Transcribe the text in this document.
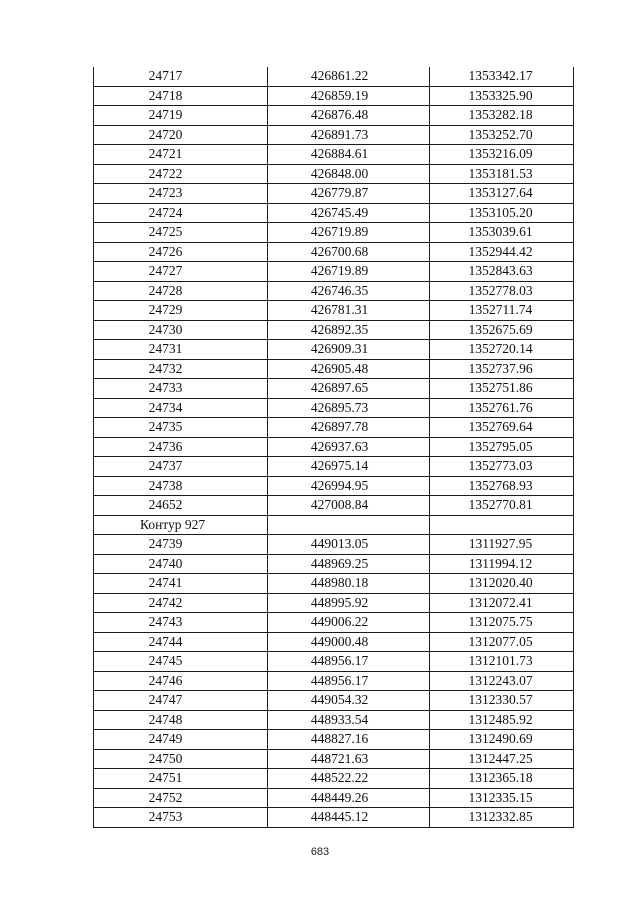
24717	426861.22	1353342.17
24718	426859.19	1353325.90
24719	426876.48	1353282.18
24720	426891.73	1353252.70
24721	426884.61	1353216.09
24722	426848.00	1353181.53
24723	426779.87	1353127.64
24724	426745.49	1353105.20
24725	426719.89	1353039.61
24726	426700.68	1352944.42
24727	426719.89	1352843.63
24728	426746.35	1352778.03
24729	426781.31	1352711.74
24730	426892.35	1352675.69
24731	426909.31	1352720.14
24732	426905.48	1352737.96
24733	426897.65	1352751.86
24734	426895.73	1352761.76
24735	426897.78	1352769.64
24736	426937.63	1352795.05
24737	426975.14	1352773.03
24738	426994.95	1352768.93
24652	427008.84	1352770.81
Контур 927		
24739	449013.05	1311927.95
24740	448969.25	1311994.12
24741	448980.18	1312020.40
24742	448995.92	1312072.41
24743	449006.22	1312075.75
24744	449000.48	1312077.05
24745	448956.17	1312101.73
24746	448956.17	1312243.07
24747	449054.32	1312330.57
24748	448933.54	1312485.92
24749	448827.16	1312490.69
24750	448721.63	1312447.25
24751	448522.22	1312365.18
24752	448449.26	1312335.15
24753	448445.12	1312332.85
683
